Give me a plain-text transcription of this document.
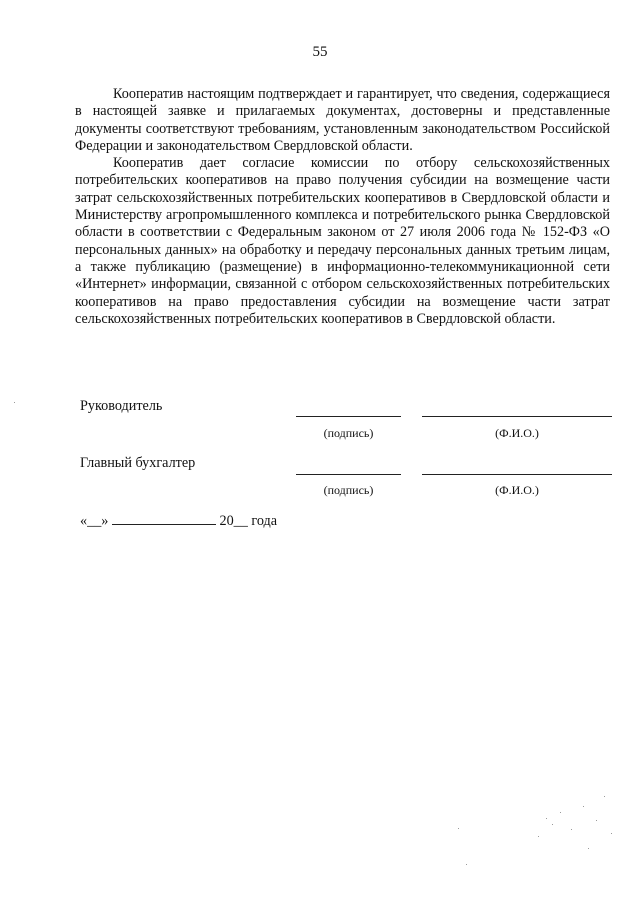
55

Кооператив настоящим подтверждает и гарантирует, что сведения, содержащиеся в настоящей заявке и прилагаемых документах, достоверны и представленные документы соответствуют требованиям, установленным законодательством Российской Федерации и законодательством Свердловской области.

Кооператив дает согласие комиссии по отбору сельскохозяйственных потребительских кооперативов на право получения субсидии на возмещение части затрат сельскохозяйственных потребительских кооперативов в Свердловской области и Министерству агропромышленного комплекса и потребительского рынка Свердловской области в соответствии с Федеральным законом от 27 июля 2006 года № 152-ФЗ «О персональных данных» на обработку и передачу персональных данных третьим лицам, а также публикацию (размещение) в информационно-телекоммуникационной сети «Интернет» информации, связанной с отбором сельскохозяйственных потребительских кооперативов на право предоставления субсидии на возмещение части затрат сельскохозяйственных потребительских кооперативов в Свердловской области.

Руководитель
(подпись)	(Ф.И.О.)
Главный бухгалтер
(подпись)	(Ф.И.О.)
«__»	20__ года
